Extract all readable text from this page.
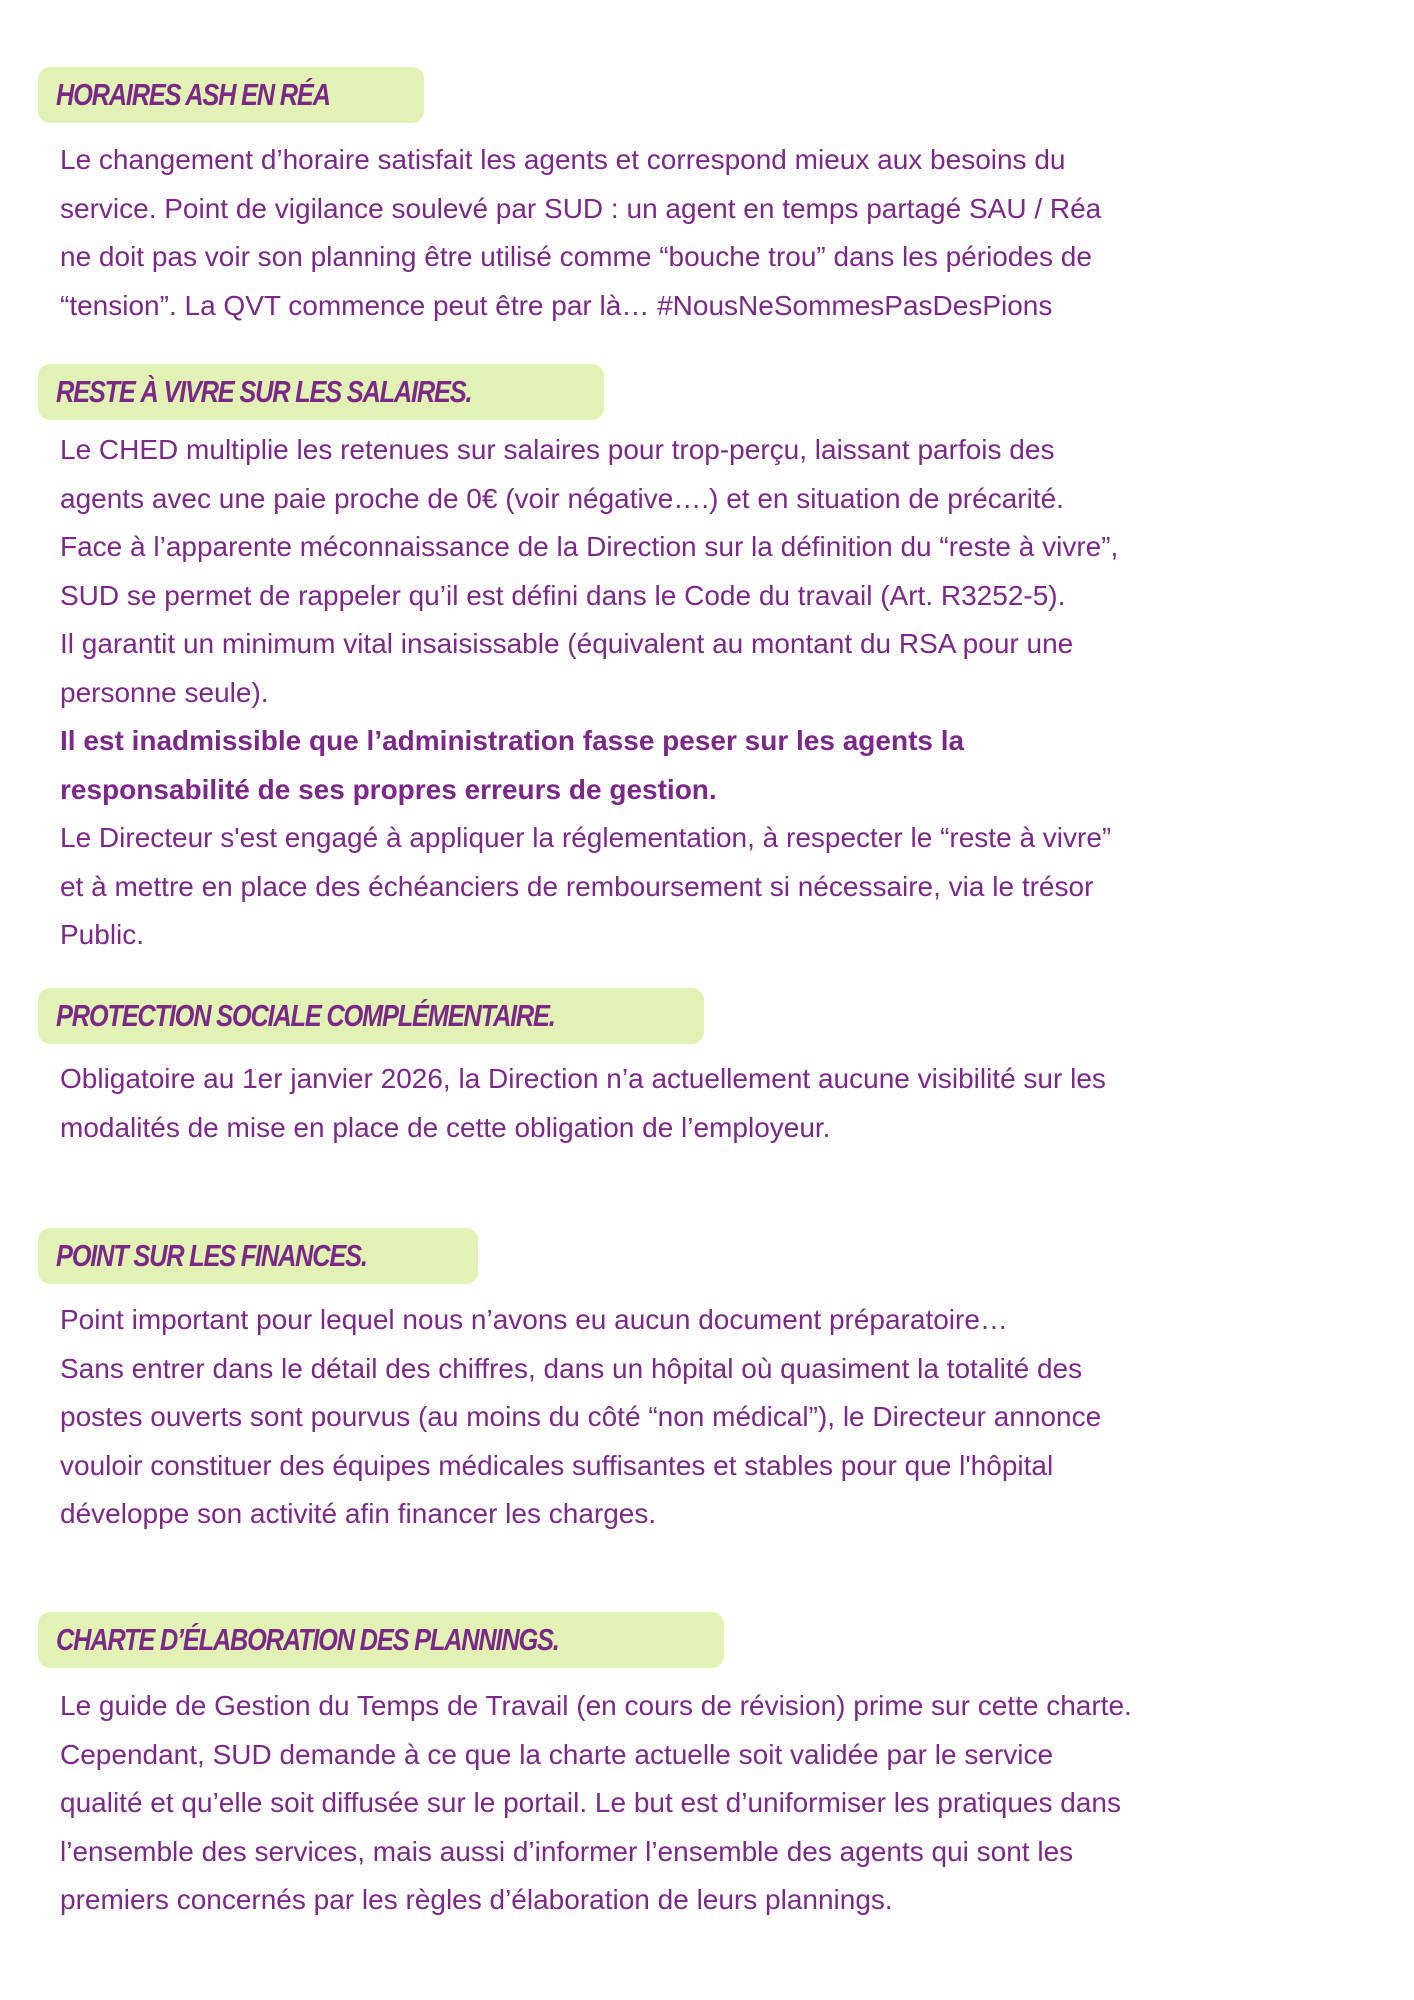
HORAIRES ASH EN RÉA

Le changement d’horaire satisfait les agents et correspond mieux aux besoins du

service. Point de vigilance soulevé par SUD : un agent en temps partagé SAU / Réa

ne doit pas voir son planning être utilisé comme “bouche trou” dans les périodes de

“tension”. La QVT commence peut être par là… #NousNeSommesPasDesPions

RESTE À VIVRE SUR LES SALAIRES.

Le CHED multiplie les retenues sur salaires pour trop-perçu, laissant parfois des

agents avec une paie proche de 0€ (voir négative….) et en situation de précarité.

Face à l’apparente méconnaissance de la Direction sur la définition du “reste à vivre”,

SUD se permet de rappeler qu’il est défini dans le Code du travail (Art. R3252-5).

Il garantit un minimum vital insaisissable (équivalent au montant du RSA pour une

personne seule).

Il est inadmissible que l’administration fasse peser sur les agents la

responsabilité de ses propres erreurs de gestion.

Le Directeur s'est engagé à appliquer la réglementation, à respecter le “reste à vivre”

et à mettre en place des échéanciers de remboursement si nécessaire, via le trésor

Public.

PROTECTION SOCIALE COMPLÉMENTAIRE.

Obligatoire au 1er janvier 2026, la Direction n’a actuellement aucune visibilité sur les

modalités de mise en place de cette obligation de l’employeur.

POINT SUR LES FINANCES.

Point important pour lequel nous n’avons eu aucun document préparatoire…

Sans entrer dans le détail des chiffres, dans un hôpital où quasiment la totalité des

postes ouverts sont pourvus (au moins du côté “non médical”), le Directeur annonce

vouloir constituer des équipes médicales suffisantes et stables pour que l'hôpital

développe son activité afin financer les charges.

CHARTE D’ÉLABORATION DES PLANNINGS.

Le guide de Gestion du Temps de Travail (en cours de révision) prime sur cette charte.

Cependant, SUD demande à ce que la charte actuelle soit validée par le service

qualité et qu’elle soit diffusée sur le portail. Le but est d’uniformiser les pratiques dans

l’ensemble des services, mais aussi d’informer l’ensemble des agents qui sont les

premiers concernés par les règles d’élaboration de leurs plannings.
